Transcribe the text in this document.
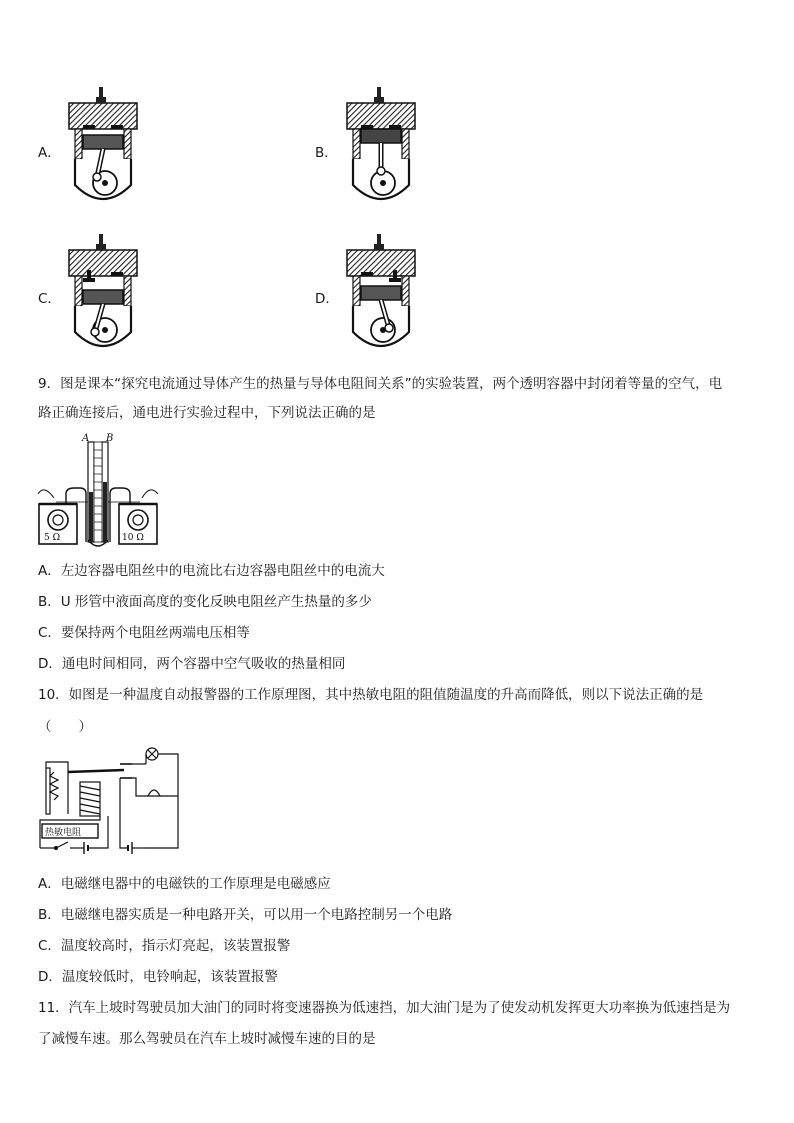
A．	B．
C．	D．
9．图是课本“探究电流通过导体产生的热量与导体电阻间关系”的实验装置，两个透明容器中封闭着等量的空气，电
路正确连接后，通电进行实验过程中，下列说法正确的是
A B
5 Ω	10 Ω
A．左边容器电阻丝中的电流比右边容器电阻丝中的电流大
B．U 形管中液面高度的变化反映电阻丝产生热量的多少
C．要保持两个电阻丝两端电压相等
D．通电时间相同，两个容器中空气吸收的热量相同
10．如图是一种温度自动报警器的工作原理图，其中热敏电阻的阻值随温度的升高而降低，则以下说法正确的是
（　　）
热敏电阻
A．电磁继电器中的电磁铁的工作原理是电磁感应
B．电磁继电器实质是一种电路开关，可以用一个电路控制另一个电路
C．温度较高时，指示灯亮起，该装置报警
D．温度较低时，电铃响起，该装置报警
11．汽车上坡时驾驶员加大油门的同时将变速器换为低速挡，加大油门是为了使发动机发挥更大功率换为低速挡是为
了减慢车速。那么驾驶员在汽车上坡时减慢车速的目的是
